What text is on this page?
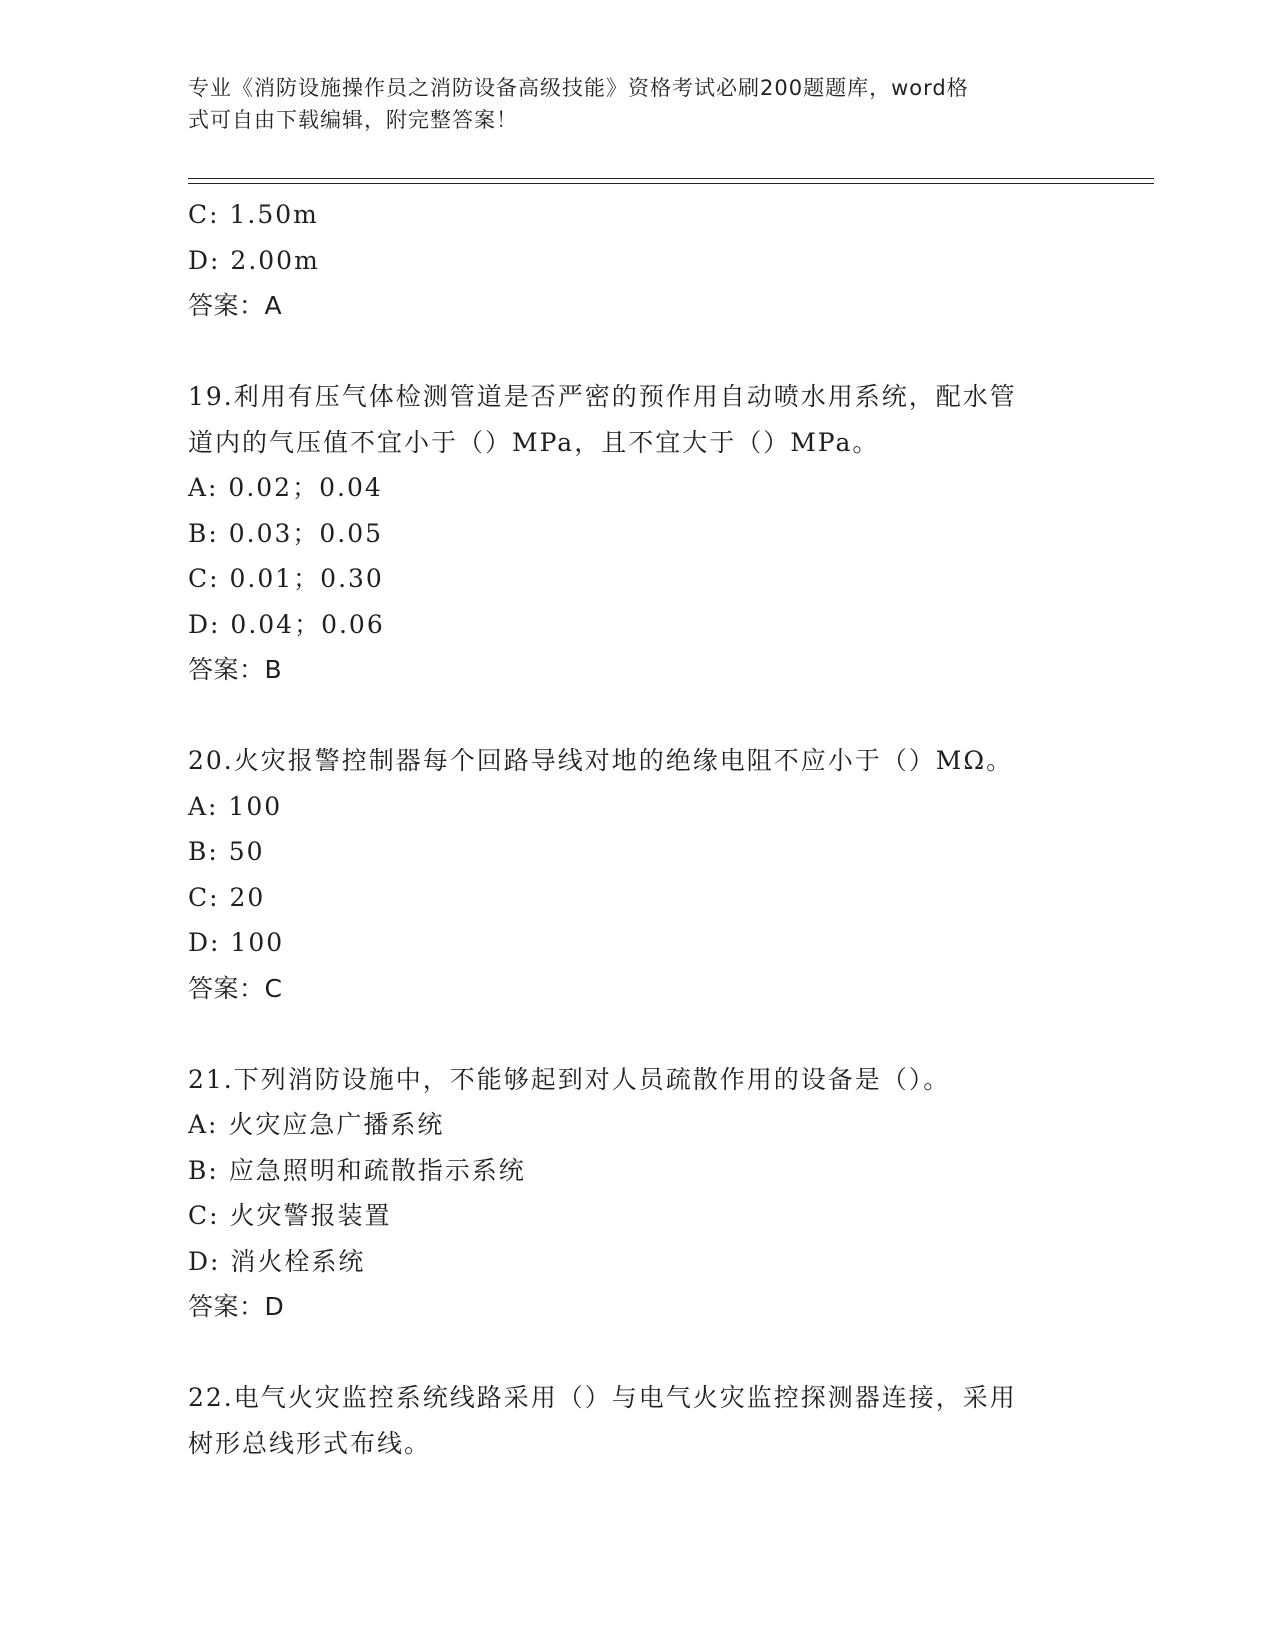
专业《消防设施操作员之消防设备高级技能》资格考试必刷200题题库，word格
式可自由下载编辑，附完整答案！
C: 1.50m
D: 2.00m
答案：A
19.利用有压气体检测管道是否严密的预作用自动喷水用系统，配水管
道内的气压值不宜小于（）MPa，且不宜大于（）MPa。
A: 0.02；0.04
B: 0.03；0.05
C: 0.01；0.30
D: 0.04；0.06
答案：B
20.火灾报警控制器每个回路导线对地的绝缘电阻不应小于（）MΩ。
A: 100
B: 50
C: 20
D: 100
答案：C
21.下列消防设施中，不能够起到对人员疏散作用的设备是（）。
A: 火灾应急广播系统
B: 应急照明和疏散指示系统
C: 火灾警报装置
D: 消火栓系统
答案：D
22.电气火灾监控系统线路采用（）与电气火灾监控探测器连接，采用
树形总线形式布线。
